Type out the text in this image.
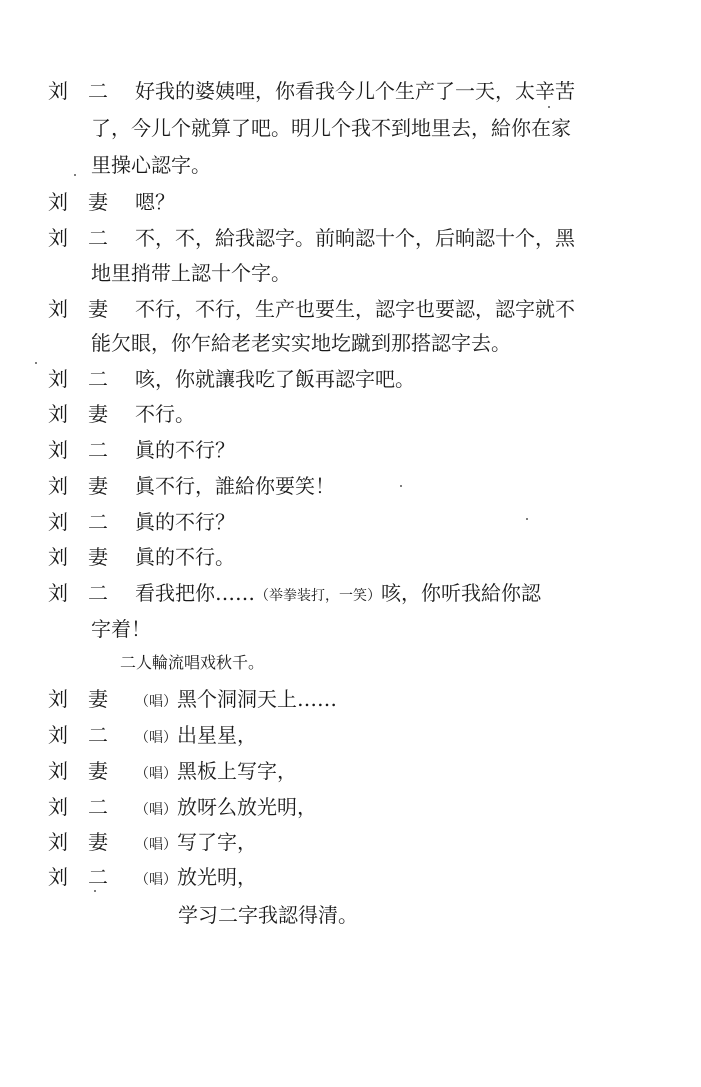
刘二 好我的婆姨哩，你看我今儿个生产了一天，太辛苦
了，今儿个就算了吧。明儿个我不到地里去，給你在家
里操心認字。
刘妻 嗯？
刘二 不，不，給我認字。前晌認十个，后晌認十个，黑
地里捎带上認十个字。
刘妻 不行，不行，生产也要生，認字也要認，認字就不
能欠眼，你乍給老老实实地圪蹴到那搭認字去。
刘二 咳，你就讓我吃了飯再認字吧。
刘妻 不行。
刘二 眞的不行？
刘妻 眞不行，誰給你要笑！
刘二 眞的不行？
刘妻 眞的不行。
刘二 看我把你……（举拳装打，一笑）咳，你听我給你認
字着！
二人輪流唱戏秋千。
刘妻 （唱）黑个洞洞天上……
刘二 （唱）出星星，
刘妻 （唱）黑板上写字，
刘二 （唱）放呀么放光明，
刘妻 （唱）写了字，
刘二 （唱）放光明，
学习二字我認得清。
